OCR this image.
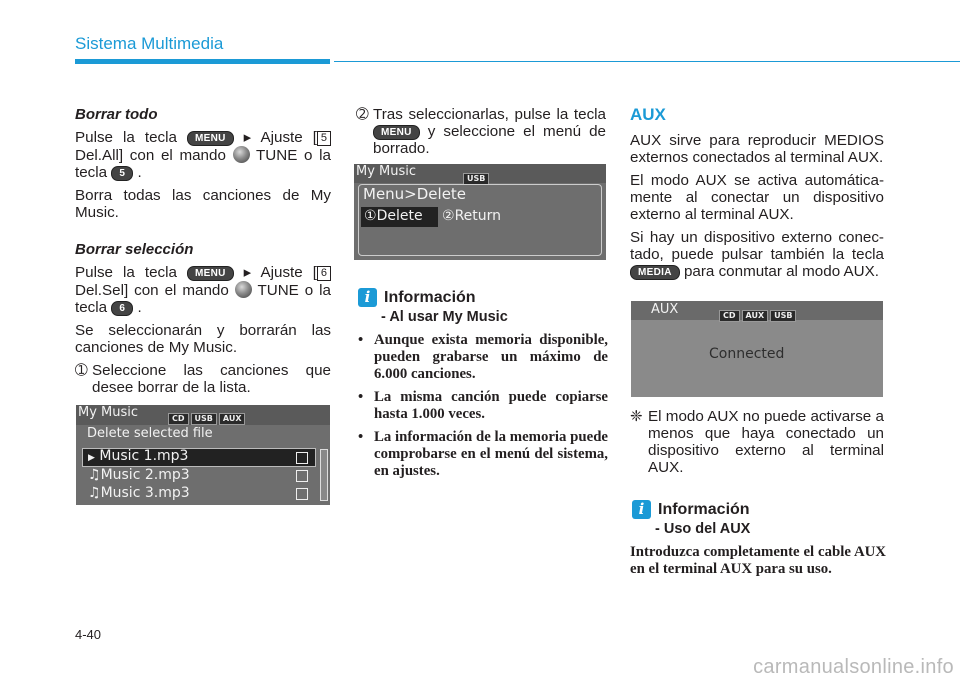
Sistema Multimedia
Borrar todo

Pulse la tecla MENU ▸ Ajuste [ 5 Del.All] con el mando TUNE o la tecla 5 .

Borra todas las canciones de My Music.

Borrar selección

Pulse la tecla MENU ▸ Ajuste [ 6 Del.Sel] con el mando TUNE o la tecla 6 .

Se seleccionarán y borrarán las canciones de My Music.

➀ Seleccione las canciones que desee borrar de la lista.
My Music	CD USB AUX
Delete selected file
▶ Music 1.mp3
♫Music 2.mp3
♫Music 3.mp3
➁ Tras seleccionarlas, pulse la tecla MENU y seleccione el menú de borrado.
My Music	USB
Menu>Delete
①Delete ②Return
i Información
- Al usar My Music
• Aunque exista memoria disponible, pueden grabarse un máximo de 6.000 canciones.
• La misma canción puede copiarse hasta 1.000 veces.
• La información de la memoria puede comprobarse en el menú del sistema, en ajustes.
AUX

AUX sirve para reproducir MEDIOS externos conectados al terminal AUX.

El modo AUX se activa automática-mente al conectar un dispositivo externo al terminal AUX.

Si hay un dispositivo externo conec-tado, puede pulsar también la tecla MEDIA para conmutar al modo AUX.

AUX	CD AUX USB
Connected
❈ El modo AUX no puede activarse a menos que haya conectado un dispositivo externo al terminal AUX.
i Información
- Uso del AUX
Introduzca completamente el cable AUX en el terminal AUX para su uso.
4-40
carmanualsonline.info
